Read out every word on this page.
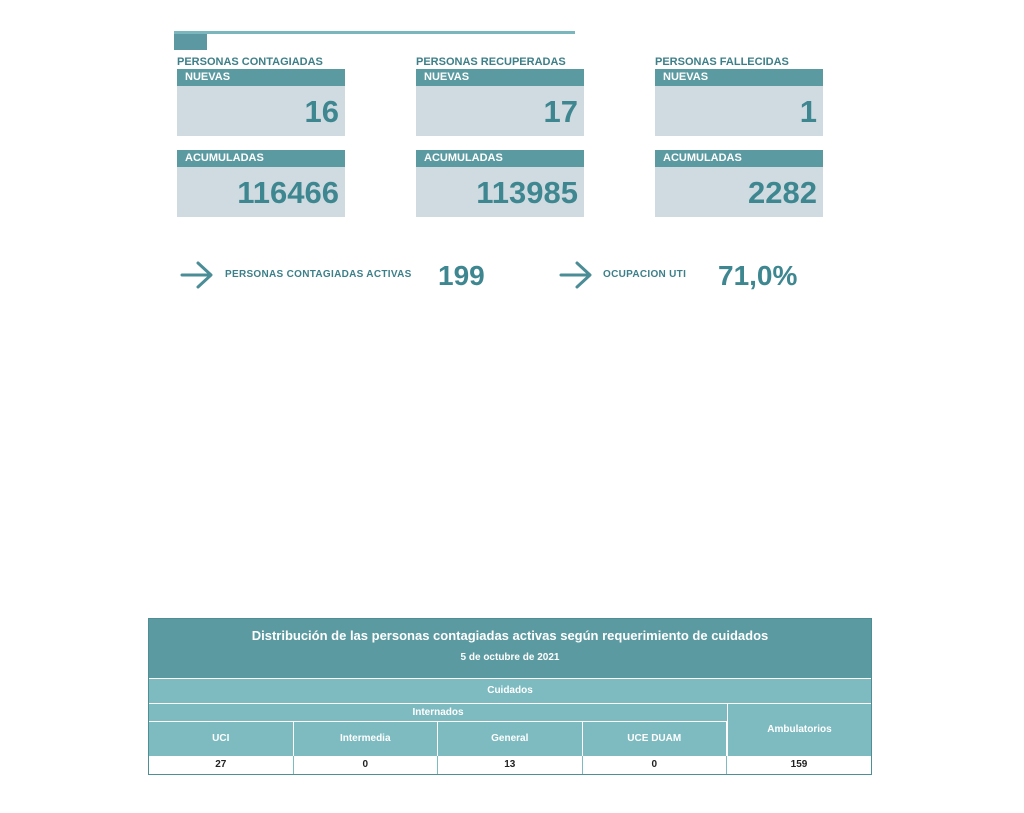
PERSONAS CONTAGIADAS
NUEVAS
16
ACUMULADAS
116466
PERSONAS RECUPERADAS
NUEVAS
17
ACUMULADAS
113985
PERSONAS FALLECIDAS
NUEVAS
1
ACUMULADAS
2282
PERSONAS CONTAGIADAS ACTIVAS 199	OCUPACION UTI 71,0%
Distribución de las personas contagiadas activas según requerimiento de cuidados
5 de octubre de 2021
Cuidados
Internados
UCI	Intermedia	General	UCE DUAM
Ambulatorios
27	0	13	0	159
